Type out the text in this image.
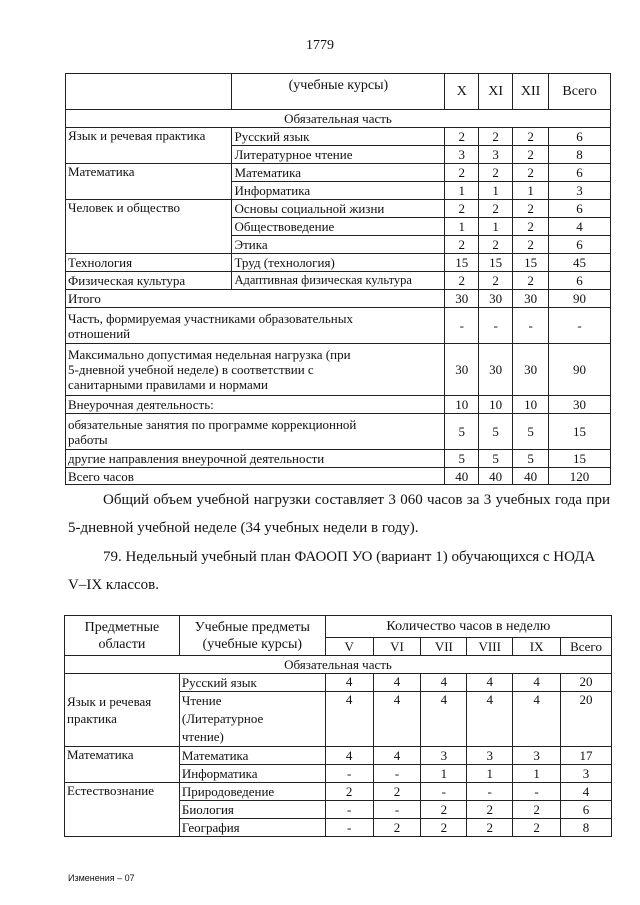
1779
	(учебные курсы)	X	XI	XII	Всего
Обязательная часть					
Язык и речевая практика	Русский язык	2	2	2	6
	Литературное чтение	3	3	2	8
Математика	Математика	2	2	2	6
	Информатика	1	1	1	3
Человек и общество	Основы социальной жизни	2	2	2	6
	Обществоведение	1	1	2	4
	Этика	2	2	2	6
Технология	Труд (технология)	15	15	15	45
Физическая культура	Адаптивная физическая культура	2	2	2	6
Итого		30	30	30	90
Часть, формируемая участниками образовательных отношений		-	-	-	-
Максимально допустимая недельная нагрузка (при 5-дневной учебной неделе) в соответствии с санитарными правилами и нормами		30	30	30	90
Внеурочная деятельность:		10	10	10	30
обязательные занятия по программе коррекционной работы		5	5	5	15
другие направления внеурочной деятельности		5	5	5	15
Всего часов		40	40	40	120
Общий объем учебной нагрузки составляет 3 060 часов за 3 учебных года при 5-дневной учебной неделе (34 учебных недели в году).
79. Недельный учебный план ФАООП УО (вариант 1) обучающихся с НОДА V–IX классов.
Предметные области	Учебные предметы (учебные курсы)	Количество часов в неделю					
		V	VI	VII	VIII	IX	Всего
Обязательная часть							
Язык и речевая практика	Русский язык	4	4	4	4	4	20
	Чтение (Литературное чтение)	4	4	4	4	4	20
Математика	Математика	4	4	3	3	3	17
	Информатика	-	-	1	1	1	3
Естествознание	Природоведение	2	2	-	-	-	4
	Биология	-	-	2	2	2	6
	География	-	2	2	2	2	8
Изменения – 07
